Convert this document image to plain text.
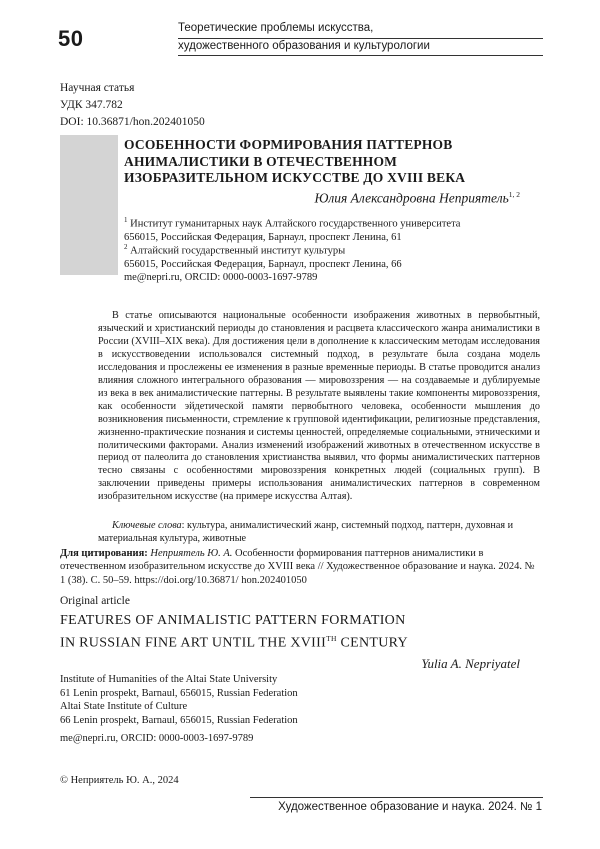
50	Теоретические проблемы искусства,
художественного образования и культурологии
Научная статья
УДК 347.782
DOI: 10.36871/hon.202401050
ОСОБЕННОСТИ ФОРМИРОВАНИЯ ПАТТЕРНОВ
АНИМАЛИСТИКИ В ОТЕЧЕСТВЕННОМ
ИЗОБРАЗИТЕЛЬНОМ ИСКУССТВЕ ДО XVIII ВЕКА
Юлия Александровна Неприятель$^{1, 2}$
$^1$ Институт гуманитарных наук Алтайского государственного университета
656015, Российская Федерация, Барнаул, проспект Ленина, 61
$^2$ Алтайский государственный институт культуры
656015, Российская Федерация, Барнаул, проспект Ленина, 66
me@nepri.ru, ORCID: 0000-0003-1697-9789

В статье описываются национальные особенности изображения животных в первобытный, языческий и христианский периоды до становления и расцвета классического жанра анималистики в России (XVIII–XIX века). Для достижения цели в дополнение к классическим методам исследования в искусствоведении использовался системный подход, в результате была создана модель исследования и прослежены ее изменения в разные временные периоды. В статье проводится анализ влияния сложного интегрального образования — мировоззрения — на создаваемые и дублируемые из века в век анималистические паттерны. В результате выявлены такие компоненты мировоззрения, как особенности эйдетической памяти первобытного человека, особенности мышления до возникновения письменности, стремление к групповой идентификации, религиозные представления, жизненно-практические познания и системы ценностей, определяемые социальными, этническими и политическими факторами. Анализ изменений изображений животных в отечественном искусстве в период от палеолита до становления христианства выявил, что формы анималистических паттернов тесно связаны с особенностями мировоззрения конкретных людей (социальных групп). В заключении приведены примеры использования анималистических паттернов в современном изобразительном искусстве (на примере искусства Алтая).

Ключевые слова: культура, анималистический жанр, системный подход, паттерн, духовная и материальная культура, животные
Для цитирования: Неприятель Ю. А. Особенности формирования паттернов анималистики в отечественном изобразительном искусстве до XVIII века // Художественное образование и наука. 2024. № 1 (38). С. 50–59. https://doi.org/10.36871/ hon.202401050
Original article
FEATURES OF ANIMALISTIC PATTERN FORMATION
IN RUSSIAN FINE ART UNTIL THE XVIIITH CENTURY
Yulia A. Nepriyatel
Institute of Humanities of the Altai State University
61 Lenin prospekt, Barnaul, 656015, Russian Federation
Altai State Institute of Culture
66 Lenin prospekt, Barnaul, 656015, Russian Federation
me@nepri.ru, ORCID: 0000-0003-1697-9789
© Неприятель Ю. А., 2024
Художественное образование и наука. 2024. № 1
